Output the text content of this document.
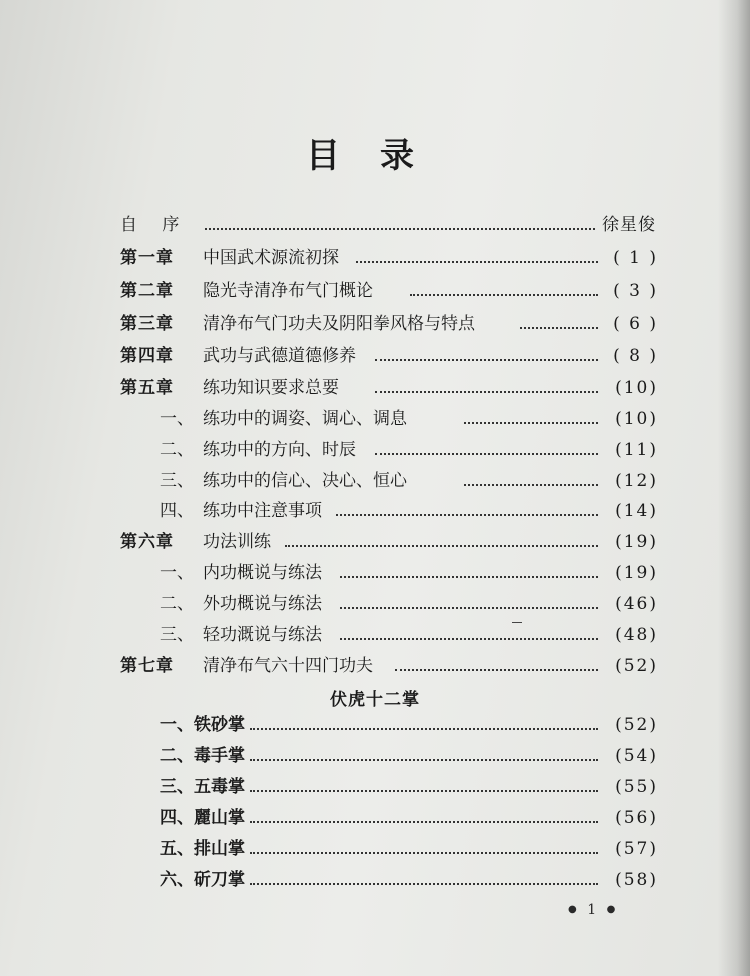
目录
自 序	徐星俊
第一章 中国武术源流初探	( 1 )
第二章 隐光寺清净布气门概论	( 3 )
第三章 清净布气门功夫及阴阳拳风格与特点	( 6 )
第四章 武功与武德道德修养	( 8 )
第五章 练功知识要求总要	(10)
一、 练功中的调姿、调心、调息	(10)
二、 练功中的方向、时辰	(11)
三、 练功中的信心、决心、恒心	(12)
四、 练功中注意事项	(14)
第六章 功法训练	(19)
一、 内功概说与练法	(19)
二、 外功概说与练法	(46)
三、 轻功溉说与练法	(48)
第七章 清净布气六十四门功夫	(52)
伏虎十二掌
一、铁砂掌	(52)
二、毒手掌	(54)
三、五毒掌	(55)
四、麗山掌	(56)
五、排山掌	(57)
六、斫刀掌	(58)
● 1 ●
